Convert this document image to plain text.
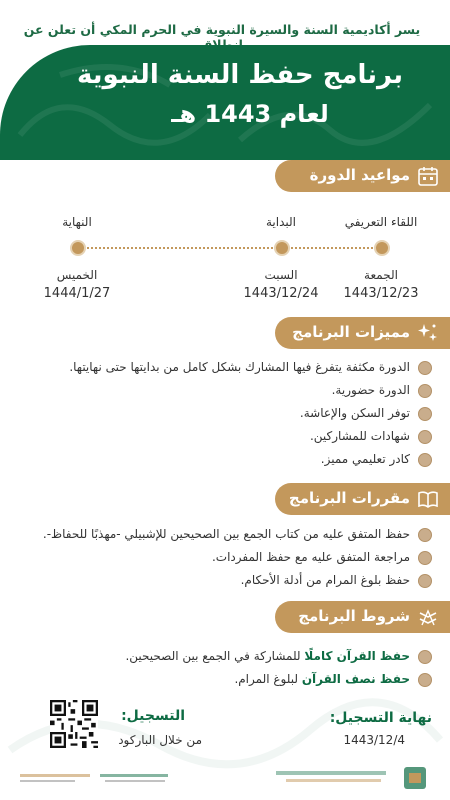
يسر أكاديمية السنة والسيرة النبوية في الحرم المكي أن تعلن عن
برنامج حفظ السنة النبوية
لعام 1443 هـ
مواعيد الدورة
اللقاء التعريفي
البداية
النهاية
الجمعة
السبت
الخميس
1443/12/23
1443/12/24
1444/1/27
مميزات البرنامج
الدورة مكثفة يتفرغ فيها المشارك بشكل كامل من بدايتها حتى نهايتها.
الدورة حضورية.
توفر السكن والإعاشة.
شهادات للمشاركين.
كادر تعليمي مميز.
مقررات البرنامج
حفظ المتفق عليه من كتاب الجمع بين الصحيحين للإشبيلي -مهذبًا للحفاظ-.
مراجعة المتفق عليه مع حفظ المفردات.
حفظ بلوغ المرام من أدلة الأحكام.
شروط البرنامج
حفظ القرآن كاملًا للمشاركة في الجمع بين الصحيحين.
حفظ نصف القرآن لبلوغ المرام.
نهاية التسجيل:
1443/12/4
التسجيل:
من خلال الباركود
